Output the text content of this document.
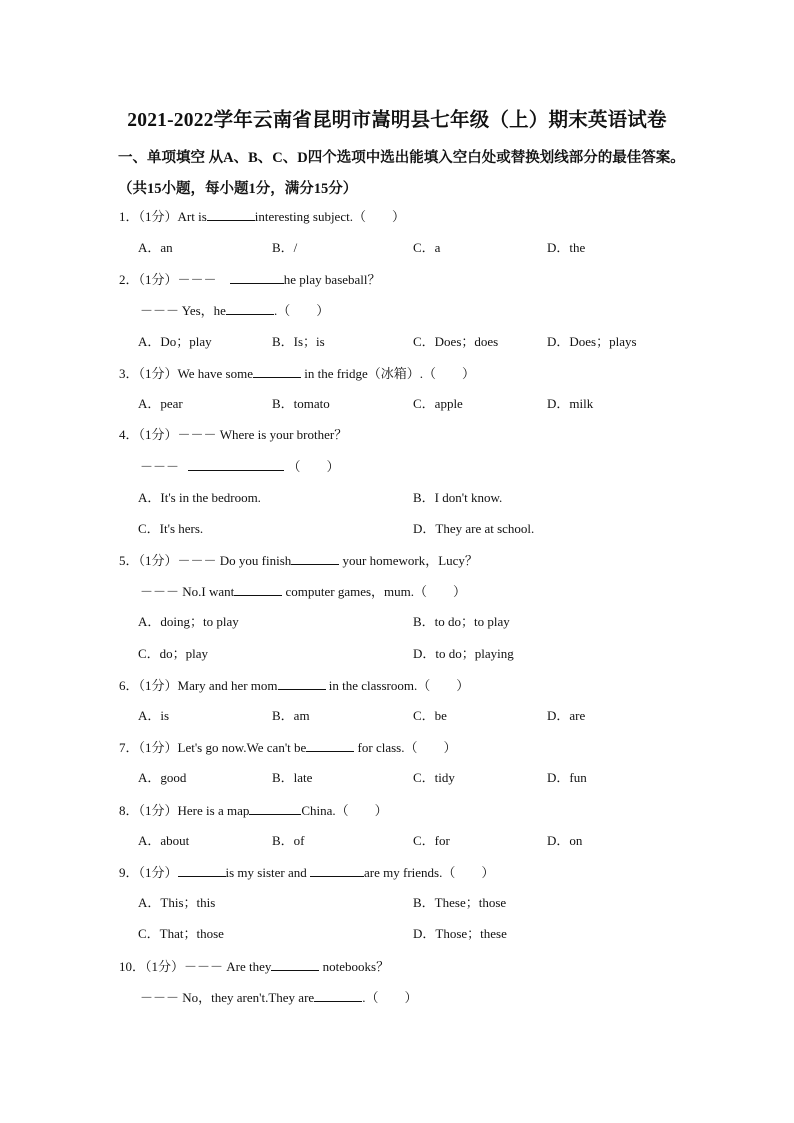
2021-2022学年云南省昆明市嵩明县七年级（上）期末英语试卷
一、单项填空 从A、B、C、D四个选项中选出能填入空白处或替换划线部分的最佳答案。
（共15小题，每小题1分，满分15分）
1．（1分）Art is	interesting subject.（　　）
A．an	B．/	C．a	D．the
2．（1分）－－－	he play baseball？
－－－ Yes，he	.（　　）
A．Do；play	B．Is；is	C．Does；does	D．Does；plays
3．（1分）We have some	in the fridge（冰箱）.（　　）
A．pear	B．tomato	C．apple	D．milk
4．（1分）－－－ Where is your brother？
－－－	（　　）
A．It's in the bedroom.	B．I don't know.
C．It's hers.	D．They are at school.
5．（1分）－－－ Do you finish	your homework，Lucy？
－－－ No.I want	computer games，mum.（　　）
A．doing；to play	B．to do；to play
C．do；play	D．to do；playing
6．（1分）Mary and her mom	in the classroom.（　　）
A．is	B．am	C．be	D．are
7．（1分）Let's go now.We can't be	for class.（　　）
A．good	B．late	C．tidy	D．fun
8．（1分）Here is a map	China.（　　）
A．about	B．of	C．for	D．on
9．（1分）	is my sister and	are my friends.（　　）
A．This；this	B．These；those
C．That；those	D．Those；these
10．（1分）－－－ Are they	notebooks？
－－－ No，they aren't.They are	.（　　）
